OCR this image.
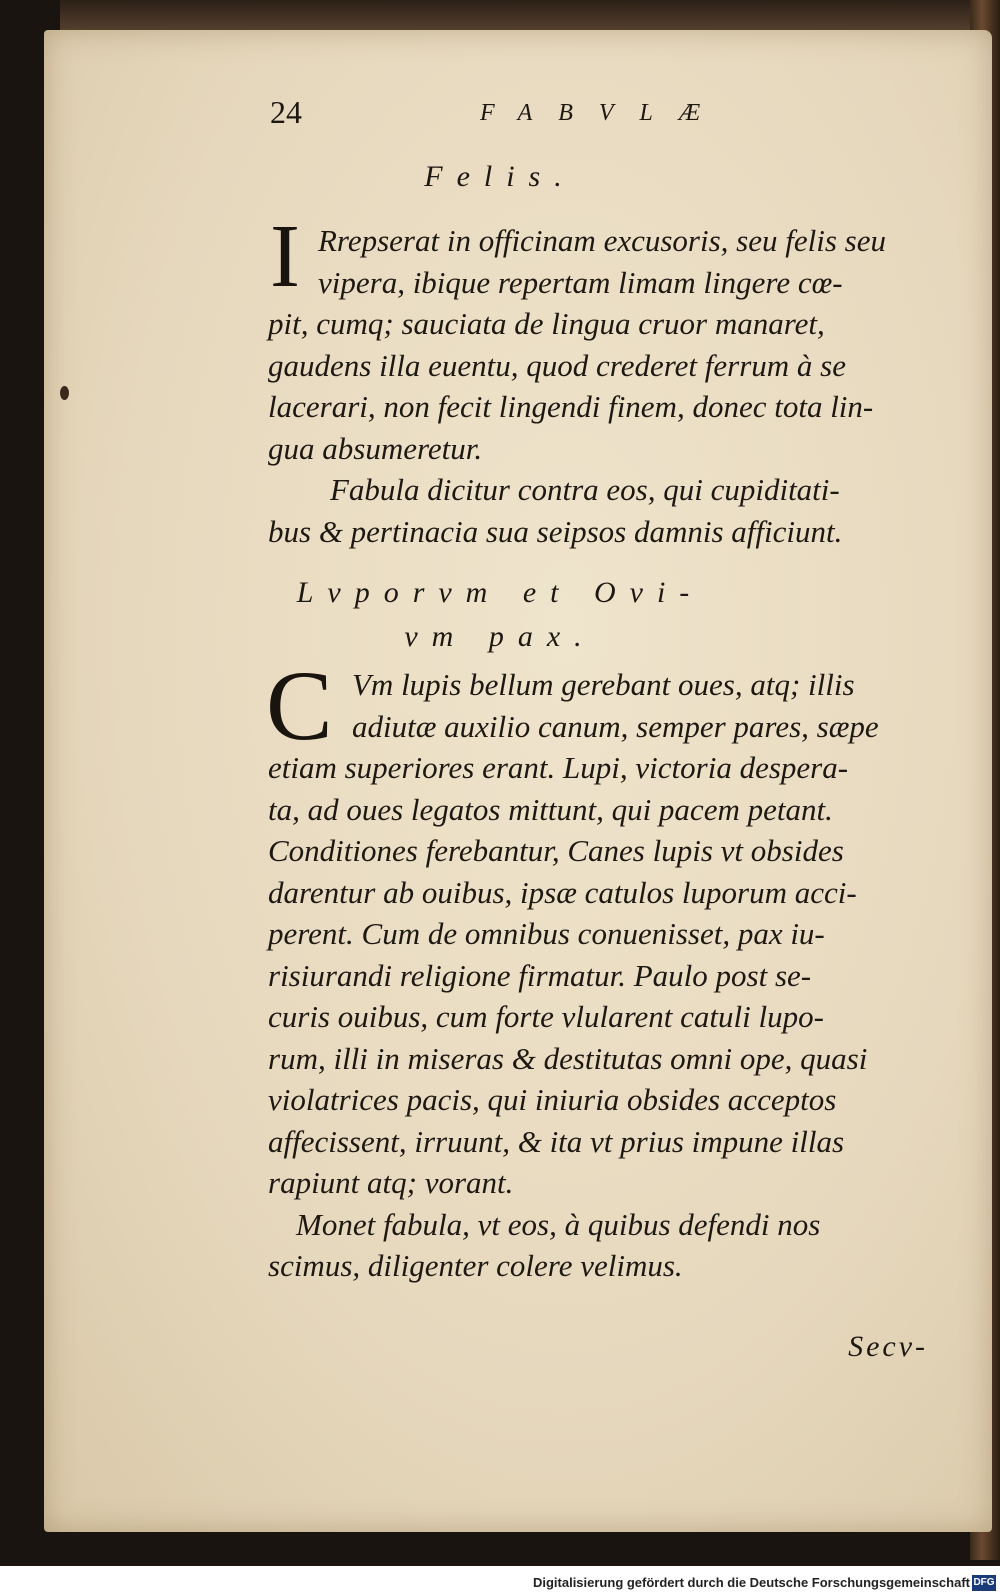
24	FABVLÆ
Felis.
I Rrepserat in officinam excusoris, seu felis seu
vipera, ibique repertam limam lingere cœ-
pit, cumq; sauciata de lingua cruor manaret,
gaudens illa euentu, quod crederet ferrum à se
lacerari, non fecit lingendi finem, donec tota lin-
gua absumeretur.
Fabula dicitur contra eos, qui cupiditati-
bus & pertinacia sua seipsos damnis afficiunt.
Lvporvm et Ovi-
vm pax.
C Vm lupis bellum gerebant oues, atq; illis
adiutæ auxilio canum, semper pares, sæpe
etiam superiores erant. Lupi, victoria despera-
ta, ad oues legatos mittunt, qui pacem petant.
Conditiones ferebantur, Canes lupis vt obsides
darentur ab ouibus, ipsæ catulos luporum acci-
perent. Cum de omnibus conuenisset, pax iu-
risiurandi religione firmatur. Paulo post se-
curis ouibus, cum forte vlularent catuli lupo-
rum, illi in miseras & destitutas omni ope, quasi
violatrices pacis, qui iniuria obsides acceptos
affecissent, irruunt, & ita vt prius impune illas
rapiunt atq; vorant.
Monet fabula, vt eos, à quibus defendi nos
scimus, diligenter colere velimus.
Secv-
Digitalisierung gefördert durch die Deutsche Forschungsgemeinschaft DFG
